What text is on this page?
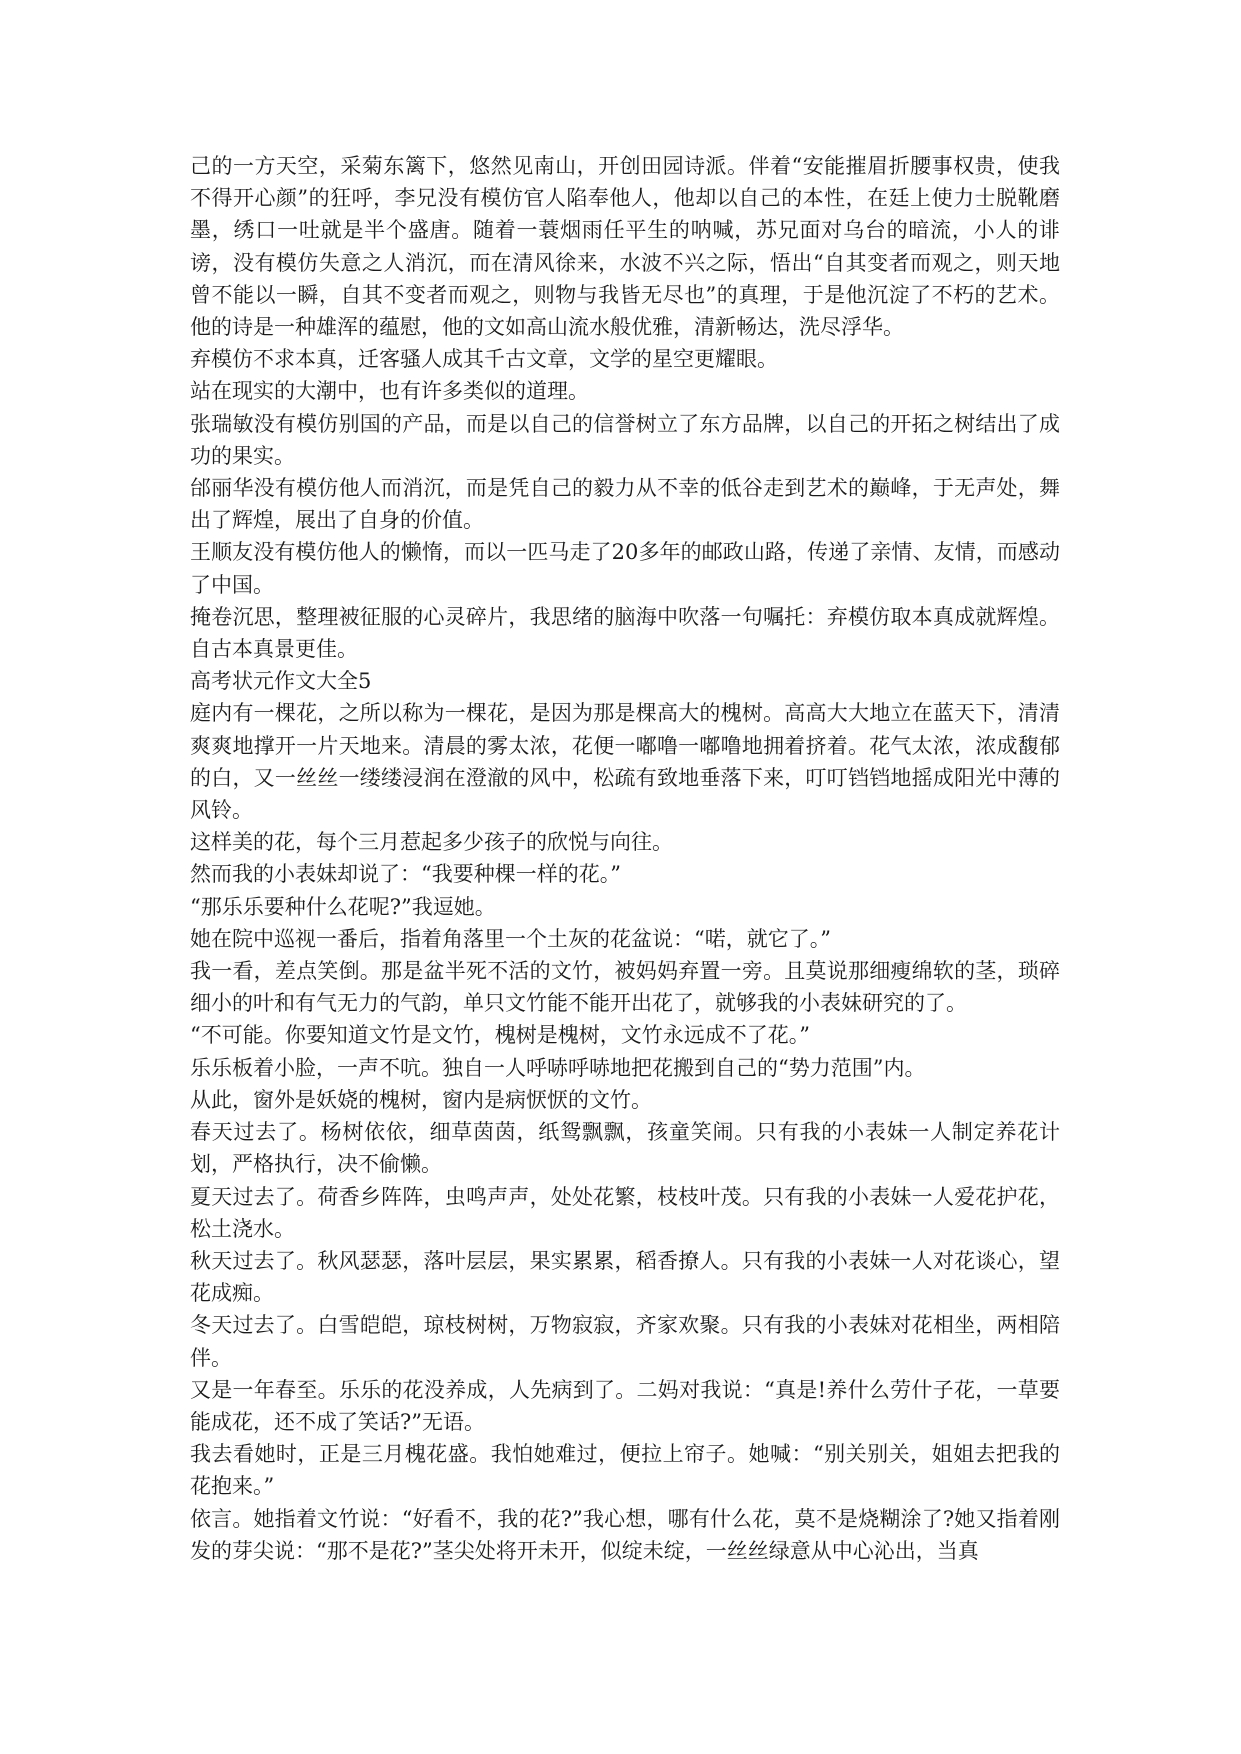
己的一方天空，采菊东篱下，悠然见南山，开创田园诗派。伴着“安能摧眉折腰事权贵，使我不得开心颜”的狂呼，李兄没有模仿官人陷奉他人，他却以自己的本性，在廷上使力士脱靴磨墨，绣口一吐就是半个盛唐。随着一蓑烟雨任平生的呐喊，苏兄面对乌台的暗流，小人的诽谤，没有模仿失意之人消沉，而在清风徐来，水波不兴之际，悟出“自其变者而观之，则天地曾不能以一瞬，自其不变者而观之，则物与我皆无尽也”的真理，于是他沉淀了不朽的艺术。他的诗是一种雄浑的蕴慰，他的文如高山流水般优雅，清新畅达，洗尽浮华。

弃模仿不求本真，迁客骚人成其千古文章，文学的星空更耀眼。

站在现实的大潮中，也有许多类似的道理。

张瑞敏没有模仿别国的产品，而是以自己的信誉树立了东方品牌，以自己的开拓之树结出了成功的果实。

邰丽华没有模仿他人而消沉，而是凭自己的毅力从不幸的低谷走到艺术的巅峰，于无声处，舞出了辉煌，展出了自身的价值。

王顺友没有模仿他人的懒惰，而以一匹马走了20多年的邮政山路，传递了亲情、友情，而感动了中国。

掩卷沉思，整理被征服的心灵碎片，我思绪的脑海中吹落一句嘱托：弃模仿取本真成就辉煌。自古本真景更佳。

高考状元作文大全5

庭内有一棵花，之所以称为一棵花，是因为那是棵高大的槐树。高高大大地立在蓝天下，清清爽爽地撑开一片天地来。清晨的雾太浓，花便一嘟噜一嘟噜地拥着挤着。花气太浓，浓成馥郁的白，又一丝丝一缕缕浸润在澄澈的风中，松疏有致地垂落下来，叮叮铛铛地摇成阳光中薄的风铃。

这样美的花，每个三月惹起多少孩子的欣悦与向往。

然而我的小表妹却说了：“我要种棵一样的花。”

“那乐乐要种什么花呢?”我逗她。

她在院中巡视一番后，指着角落里一个土灰的花盆说：“喏，就它了。”

我一看，差点笑倒。那是盆半死不活的文竹，被妈妈弃置一旁。且莫说那细瘦绵软的茎，琐碎细小的叶和有气无力的气韵，单只文竹能不能开出花了，就够我的小表妹研究的了。

“不可能。你要知道文竹是文竹，槐树是槐树，文竹永远成不了花。”

乐乐板着小脸，一声不吭。独自一人呼哧呼哧地把花搬到自己的“势力范围”内。

从此，窗外是妖娆的槐树，窗内是病恹恹的文竹。

春天过去了。杨树依依，细草茵茵，纸鸳飘飘，孩童笑闹。只有我的小表妹一人制定养花计划，严格执行，决不偷懒。

夏天过去了。荷香乡阵阵，虫鸣声声，处处花繁，枝枝叶茂。只有我的小表妹一人爱花护花，松土浇水。

秋天过去了。秋风瑟瑟，落叶层层，果实累累，稻香撩人。只有我的小表妹一人对花谈心，望花成痴。

冬天过去了。白雪皑皑，琼枝树树，万物寂寂，齐家欢聚。只有我的小表妹对花相坐，两相陪伴。

又是一年春至。乐乐的花没养成，人先病到了。二妈对我说：“真是!养什么劳什子花，一草要能成花，还不成了笑话?”无语。

我去看她时，正是三月槐花盛。我怕她难过，便拉上帘子。她喊：“别关别关，姐姐去把我的花抱来。”

依言。她指着文竹说：“好看不，我的花?”我心想，哪有什么花，莫不是烧糊涂了?她又指着刚发的芽尖说：“那不是花?”茎尖处将开未开，似绽未绽，一丝丝绿意从中心沁出，当真
